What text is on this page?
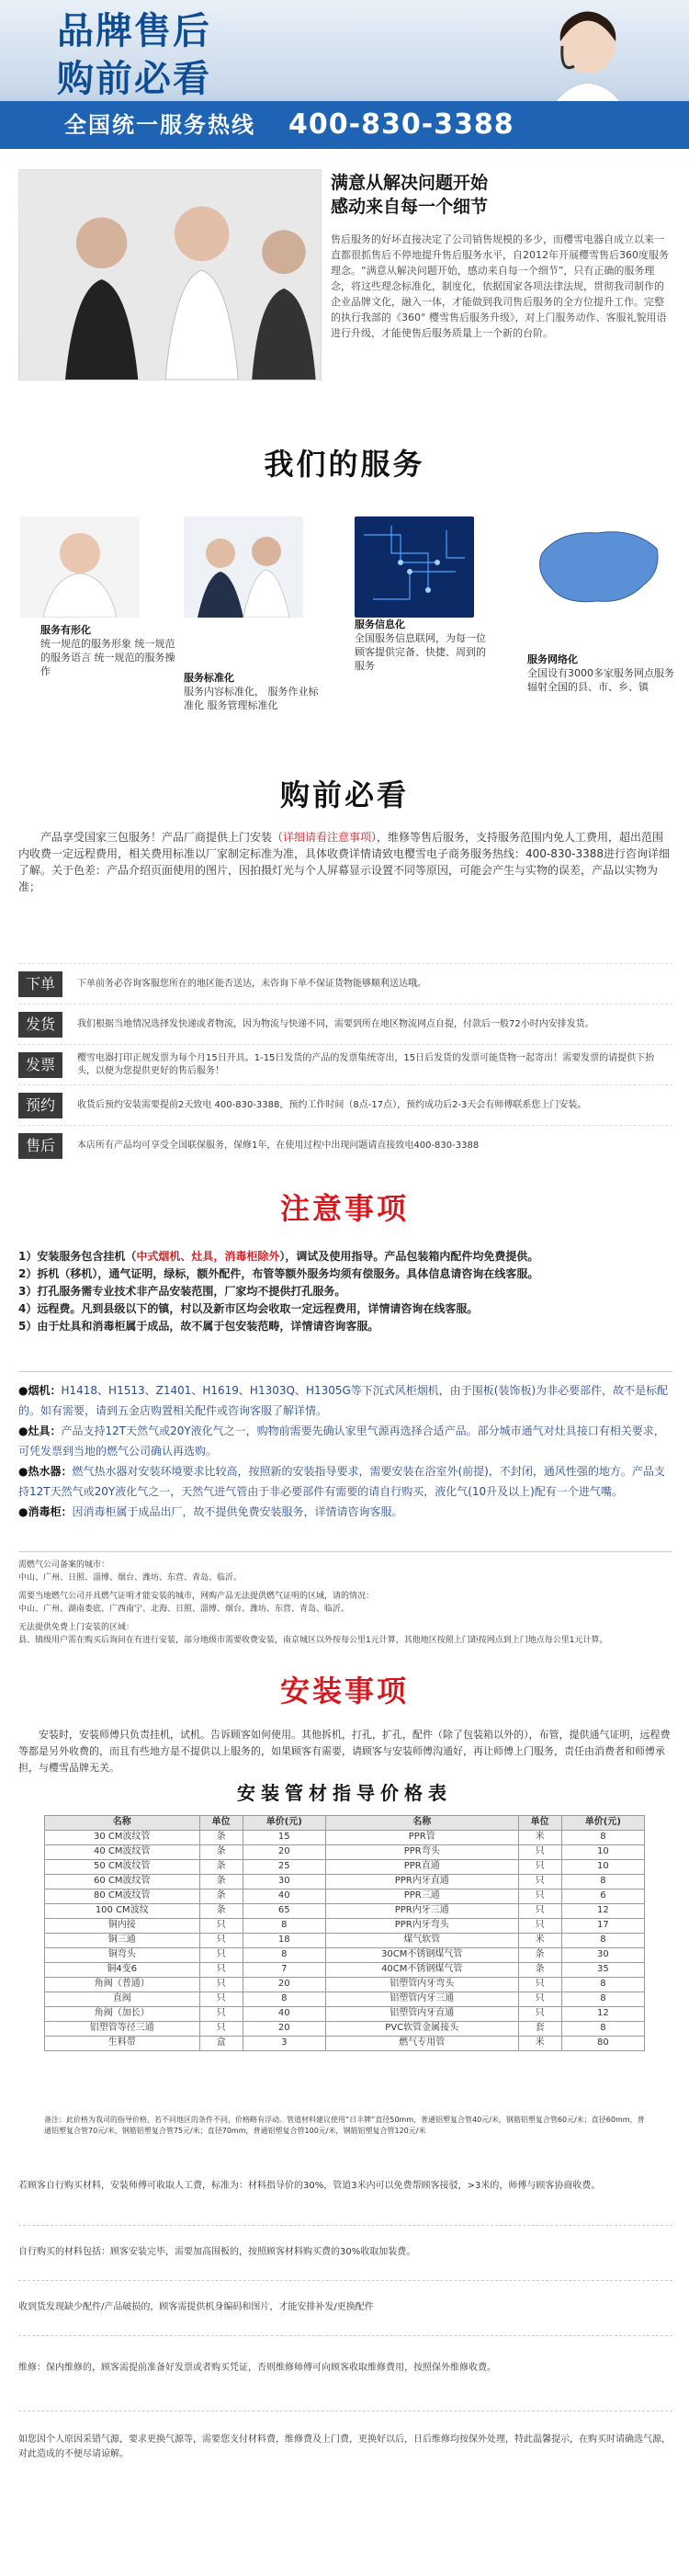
品牌售后
购前必看
全国统一服务热线 400-830-3388
满意从解决问题开始
感动来自每一个细节
售后服务的好坏直接决定了公司销售规模的多少，而樱雪电器自成立以来一直都很抓售后不停地提升售后服务水平，自2012年开展樱雪售后360度服务理念。“满意从解决问题开始，感动来自每一个细节”，只有正确的服务理念，将这些理念标准化，制度化，依据国家各项法律法规，贯彻我司制作的企业品牌文化，融入一体，才能做到我司售后服务的全方位提升工作。完整的执行我部的《360° 樱雪售后服务升级》，对上门服务动作、客服礼貌用语进行升级，才能使售后服务质量上一个新的台阶。
我们的服务
服务有形化
统一规范的服务形象 统一规范的服务语言 统一规范的服务操作
服务标准化
服务内容标准化， 服务作业标准化 服务管理标准化
服务信息化
全国服务信息联网，为每一位顾客提供完备、快捷、周到的服务
服务网络化
全国设有3000多家服务网点服务辐射全国的县、市、乡、镇
购前必看
产品享受国家三包服务！产品厂商提供上门安装（详细请看注意事项），维修等售后服务，支持服务范围内免人工费用，超出范围内收费一定远程费用，相关费用标准以厂家制定标准为准，具体收费详情请致电樱雪电子商务服务热线：400-830-3388进行咨询详细了解。关于色差：产品介绍页面使用的图片，因拍摄灯光与个人屏幕显示设置不同等原因，可能会产生与实物的误差，产品以实物为准；
下单	下单前务必咨询客服您所在的地区能否送达，未咨询下单不保证货物能够顺利送达哦。
发货	我们根据当地情况选择发快递或者物流，因为物流与快递不同，需要到所在地区物流网点自提，付款后一般72小时内安排发货。
发票	樱雪电器打印正规发票为每个月15日开具。1-15日发货的产品的发票集统寄出，15日后发货的发票可能货物一起寄出！需要发票的请提供下抬头，以便为您提供更好的售后服务！
预约	收货后预约安装需要提前2天致电 400-830-3388，预约工作时间（8点-17点），预约成功后2-3天会有师傅联系您上门安装。
售后	本店所有产品均可享受全国联保服务，保修1年，在使用过程中出现问题请直接致电400-830-3388
注意事项
1）安装服务包含挂机（中式烟机、灶具，消毒柜除外），调试及使用指导。产品包装箱内配件均免费提供。
2）拆机（移机），通气证明，绿标，额外配件，布管等额外服务均须有偿服务。具体信息请咨询在线客服。
3）打孔服务需专业技术非产品安装范围，厂家均不提供打孔服务。
4）远程费。凡到县级以下的镇，村以及新市区均会收取一定远程费用，详情请咨询在线客服。
5）由于灶具和消毒柜属于成品，故不属于包安装范畴，详情请咨询客服。
●烟机：H1418、H1513、Z1401、H1619、H1303Q、H1305G等下沉式风柜烟机，由于围板(装饰板)为非必要部件，故不是标配的。如有需要，请到五金店购置相关配件或咨询客服了解详情。
●灶具：产品支持12T天然气或20Y液化气之一，购物前需要先确认家里气源再选择合适产品。部分城市通气对灶具接口有相关要求，可凭发票到当地的燃气公司确认再选购。
●热水器：燃气热水器对安装环境要求比较高，按照新的安装指导要求，需要安装在浴室外(前提)，不封闭，通风性强的地方。产品支持12T天然气或20Y液化气之一，天然气进气管由于非必要部件有需要的请自行购买，液化气(10升及以上)配有一个进气嘴。
●消毒柜：因消毒柜属于成品出厂，故不提供免费安装服务，详情请咨询客服。
需燃气公司备案的城市：
中山、广州、日照、淄博、烟台、潍坊、东营、青岛、临沂。
需要当地燃气公司开具燃气证明才能安装的城市，网购产品无法提供燃气证明的区域，请的情况：
中山、广州、湖南娄底、广西南宁、北海、日照、淄博、烟台、潍坊、东营、青岛、临沂。
无法提供免费上门安装的区域：
县、镇级用户需在购买后询问在有进行安装，部分地级市需要收费安装，南京城区以外按每公里1元计算，其他地区按照上门距按网点到上门地点每公里1元计算。
安装事项
安装时，安装师傅只负责挂机，试机。告诉顾客如何使用。其他拆机，打孔，扩孔，配件（除了包装箱以外的），布管，提供通气证明，远程费等都是另外收费的，而且有些地方是不提供以上服务的，如果顾客有需要，请顾客与安装师傅沟通好，再让师傅上门服务，责任由消费者和师傅承担，与樱雪品牌无关。
安装管材指导价格表
名称	单位	单价(元)	名称	单位	单价(元)
30 CM波纹管	条	15	PPR管	米	8
40 CM波纹管	条	20	PPR弯头	只	10
50 CM波纹管	条	25	PPR直通	只	10
60 CM波纹管	条	30	PPR内牙直通	只	8
80 CM波纹管	条	40	PPR三通	只	6
100 CM波纹	条	65	PPR内牙三通	只	12
铜内接	只	8	PPR内牙弯头	只	17
铜三通	只	18	煤气软管	米	8
铜弯头	只	8	30CM不锈钢煤气管	条	30
铜4变6	只	7	40CM不锈钢煤气管	条	35
角阀（普通）	只	20	铝塑管内牙弯头	只	8
直阀	只	8	铝塑管内牙三通	只	8
角阀（加长）	只	40	铝塑管内牙直通	只	12
铝塑管等径三通	只	20	PVC软管金属接头	套	8
生料带	盒	3	燃气专用管	米	80
备注：此价格为我司的指导价格，若不同地区的条件不同，价格略有浮动。管道材料建议使用“日丰牌”直径50mm，普通铝塑复合管40元/米，钢筋铝塑复合管60元/米；直径60mm，普通铝塑复合管70元/米，钢筋铝塑复合管75元/米；直径70mm，普通铝塑复合管100元/米，钢筋铝塑复合管120元/米

若顾客自行购买材料，安装师傅可收取人工费，标准为：材料指导价的30%，管道3米内可以免费帮顾客接驳，>3米的，师傅与顾客协商收费。

自行购买的材料包括：顾客安装完毕，需要加高围板的，按照顾客材料购买费的30%收取加装费。

收到货发现缺少配件/产品破损的，顾客需提供机身编码和图片，才能安排补发/更换配件

维修：保内维修的，顾客需提前准备好发票或者购买凭证，否则维修师傅可向顾客收取维修费用，按照保外维修收费。

如您因个人原因采错气源，要求更换气源等，需要您支付材料费，维修费及上门费，更换好以后，日后维修均按保外处理，特此温馨提示，在购买时请确选气源，对此造成的不便尽请谅解。
